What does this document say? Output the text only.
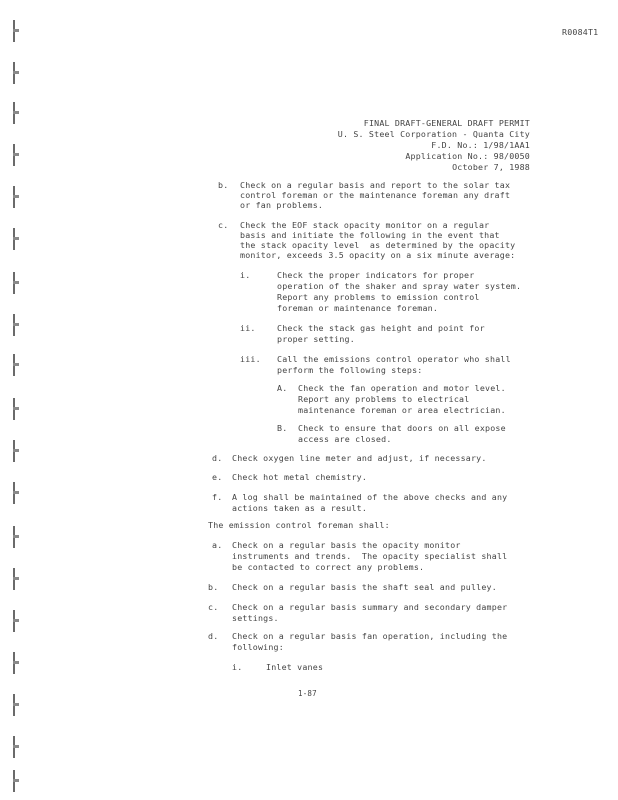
R0084T1
FINAL DRAFT-GENERAL DRAFT PERMIT
U. S. Steel Corporation - Quanta City
F.D. No.: 1/98/1AA1
Application No.: 98/0050
October 7, 1988
b. Check on a regular basis and report to the solar tax
control foreman or the maintenance foreman any draft
or fan problems.
c. Check the EOF stack opacity monitor on a regular
basis and initiate the following in the event that
the stack opacity level  as determined by the opacity
monitor, exceeds 3.5 opacity on a six minute average:
i.	Check the proper indicators for proper
operation of the shaker and spray water system.
Report any problems to emission control
foreman or maintenance foreman.
ii.	Check the stack gas height and point for
proper setting.
iii. Call the emissions control operator who shall
perform the following steps:
A. Check the fan operation and motor level.
Report any problems to electrical
maintenance foreman or area electrician.
B. Check to ensure that doors on all expose
access are closed.
d. Check oxygen line meter and adjust, if necessary.
e. Check hot metal chemistry.
f. A log shall be maintained of the above checks and any
actions taken as a result.
The emission control foreman shall:
a. Check on a regular basis the opacity monitor
instruments and trends.  The opacity specialist shall
be contacted to correct any problems.
b. Check on a regular basis the shaft seal and pulley.
c. Check on a regular basis summary and secondary damper
settings.
d. Check on a regular basis fan operation, including the
following:
i.	Inlet vanes
1-87
